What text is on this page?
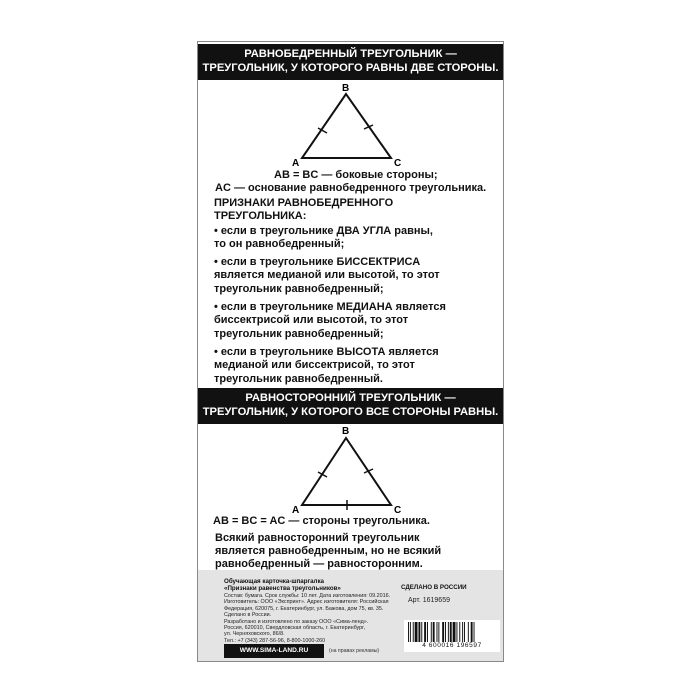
РАВНОБЕДРЕННЫЙ ТРЕУГОЛЬНИК —
ТРЕУГОЛЬНИК, У КОТОРОГО РАВНЫ ДВЕ СТОРОНЫ.
B
A	C
AB = BC — боковые стороны;
AC — основание равнобедренного треугольника.

ПРИЗНАКИ РАВНОБЕДРЕННОГО
ТРЕУГОЛЬНИКА:

• если в треугольнике ДВА УГЛА равны,
то он равнобедренный;

• если в треугольнике БИССЕКТРИСА
является медианой или высотой, то этот
треугольник равнобедренный;

• если в треугольнике МЕДИАНА является
биссектрисой или высотой, то этот
треугольник равнобедренный;

• если в треугольнике ВЫСОТА является
медианой или биссектрисой, то этот
треугольник равнобедренный.

РАВНОСТОРОННИЙ ТРЕУГОЛЬНИК —
ТРЕУГОЛЬНИК, У КОТОРОГО ВСЕ СТОРОНЫ РАВНЫ.
B
A	C
AB = BC = AC — стороны треугольника.
Всякий равносторонний треугольник
является равнобедренным, но не всякий
равнобедренный — равносторонним.
Обучающая карточка-шпаргалка
«Признаки равенства треугольников»
Состав: бумага. Срок службы: 10 лет. Дата изготовления: 09.2016.
Изготовитель: ООО «Экспринт». Адрес изготовителя: Российская
Федерация, 620075, г. Екатеринбург, ул. Бажова, дом 75, кв. 35.
Сделано в России.
Разработано и изготовлено по заказу ООО «Сима-ленд».
Россия, 620010, Свердловская область, г. Екатеринбург,
ул. Черняховского, 86/8.
Тел.: +7 (343) 287-56-96, 8-800-1000-260
СДЕЛАНО В РОССИИ
Арт. 1619659
WWW.SIMA-LAND.RU	(на правах рекламы)
4 600016 196597
